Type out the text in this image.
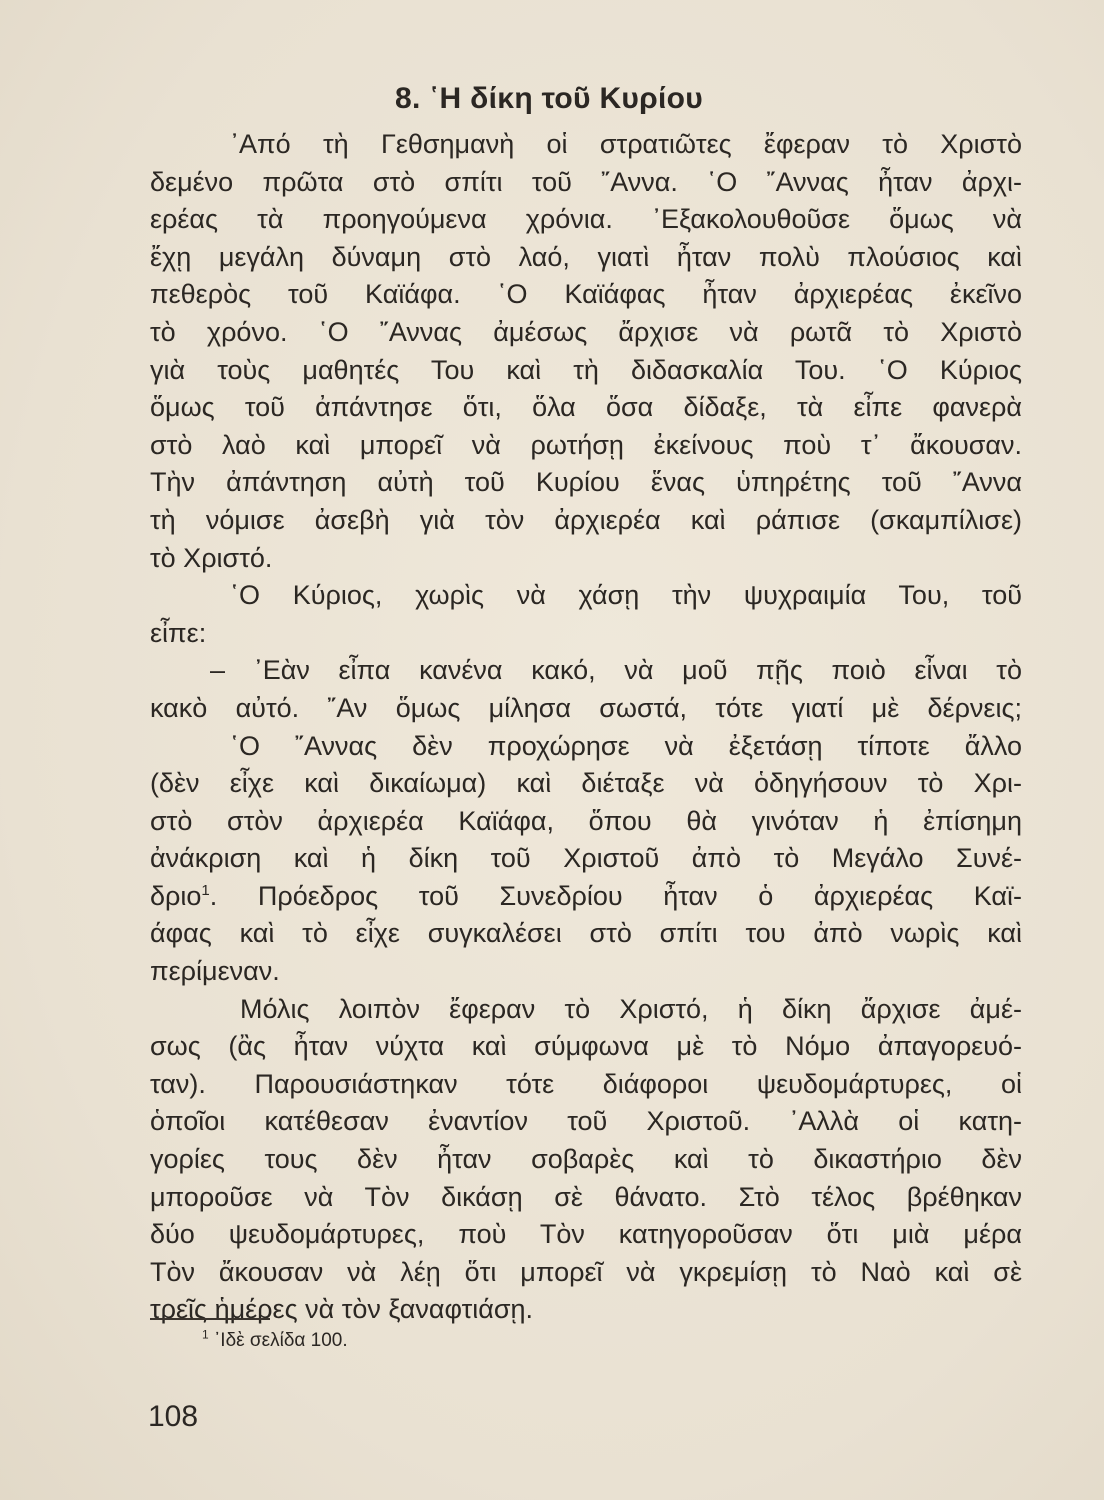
8. ῾Η δίκη τοῦ Κυρίου
᾿Από τὴ Γεθσημανὴ οἱ στρατιῶτες ἔφεραν τὸ Χριστὸ
δεμένο πρῶτα στὸ σπίτι τοῦ ῎Αννα. ῾Ο ῎Αννας ἦταν ἀρχι-
ερέας τὰ προηγούμενα χρόνια. ᾿Εξακολουθοῦσε ὅμως νὰ
ἔχῃ μεγάλη δύναμη στὸ λαό, γιατὶ ἦταν πολὺ πλούσιος καὶ
πεθερὸς τοῦ Καϊάφα. ῾Ο Καϊάφας ἦταν ἀρχιερέας ἐκεῖνο
τὸ χρόνο. ῾Ο ῎Αννας ἀμέσως ἄρχισε νὰ ρωτᾶ τὸ Χριστὸ
γιὰ τοὺς μαθητές Του καὶ τὴ διδασκαλία Του. ῾Ο Κύριος
ὅμως τοῦ ἀπάντησε ὅτι, ὅλα ὅσα δίδαξε, τὰ εἶπε φανερὰ
στὸ λαὸ καὶ μπορεῖ νὰ ρωτήσῃ ἐκείνους ποὺ τ᾿ ἄκουσαν.
Τὴν ἀπάντηση αὐτὴ τοῦ Κυρίου ἕνας ὑπηρέτης τοῦ ῎Αννα
τὴ νόμισε ἀσεβὴ γιὰ τὸν ἀρχιερέα καὶ ράπισε (σκαμπίλισε)
τὸ Χριστό.
῾Ο Κύριος, χωρὶς νὰ χάσῃ τὴν ψυχραιμία Του, τοῦ
εἶπε:
– ᾿Εὰν εἶπα κανένα κακό, νὰ μοῦ πῇς ποιὸ εἶναι τὸ
κακὸ αὐτό. ῎Αν ὅμως μίλησα σωστά, τότε γιατί μὲ δέρνεις;
῾Ο ῎Αννας δὲν προχώρησε νὰ ἐξετάσῃ τίποτε ἄλλο
(δὲν εἶχε καὶ δικαίωμα) καὶ διέταξε νὰ ὁδηγήσουν τὸ Χρι-
στὸ στὸν ἀρχιερέα Καϊάφα, ὅπου θὰ γινόταν ἡ ἐπίσημη
ἀνάκριση καὶ ἡ δίκη τοῦ Χριστοῦ ἀπὸ τὸ Μεγάλο Συνέ-
δριο$^1$. Πρόεδρος τοῦ Συνεδρίου ἦταν ὁ ἀρχιερέας Καϊ-
άφας καὶ τὸ εἶχε συγκαλέσει στὸ σπίτι του ἀπὸ νωρὶς καὶ
περίμεναν.
Μόλις λοιπὸν ἔφεραν τὸ Χριστό, ἡ δίκη ἄρχισε ἀμέ-
σως (ἂς ἦταν νύχτα καὶ σύμφωνα μὲ τὸ Νόμο ἀπαγορευό-
ταν). Παρουσιάστηκαν τότε διάφοροι ψευδομάρτυρες, οἱ
ὁποῖοι κατέθεσαν ἐναντίον τοῦ Χριστοῦ. ᾿Αλλὰ οἱ κατη-
γορίες τους δὲν ἦταν σοβαρὲς καὶ τὸ δικαστήριο δὲν
μποροῦσε νὰ Τὸν δικάσῃ σὲ θάνατο. Στὸ τέλος βρέθηκαν
δύο ψευδομάρτυρες, ποὺ Τὸν κατηγοροῦσαν ὅτι μιὰ μέρα
Τὸν ἄκουσαν νὰ λέῃ ὅτι μπορεῖ νὰ γκρεμίσῃ τὸ Ναὸ καὶ σὲ
τρεῖς ἡμέρες νὰ τὸν ξαναφτιάσῃ.
$^1$ ᾿Ιδὲ σελίδα 100.
108
